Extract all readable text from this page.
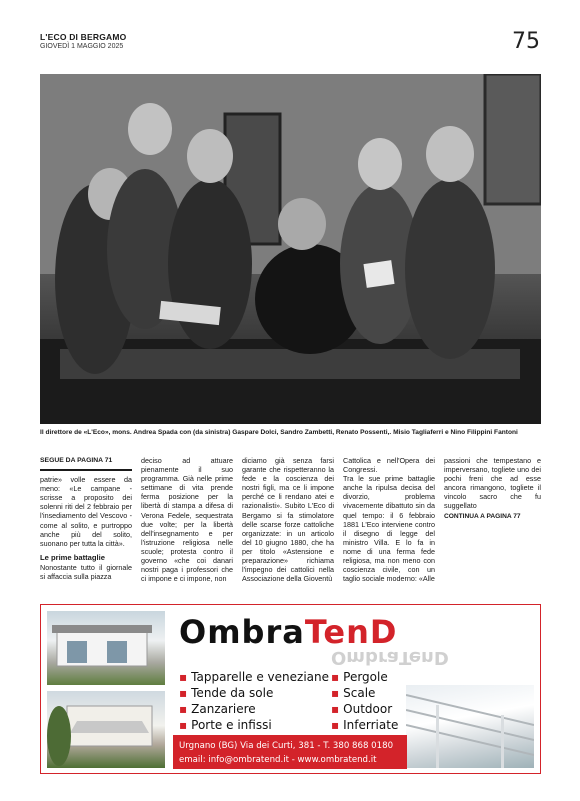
L'ECO DI BERGAMO
GIOVEDÌ 1 MAGGIO 2025	75
Il direttore de «L'Eco», mons. Andrea Spada con (da sinistra) Gaspare Dolci, Sandro Zambetti, Renato Possenti,. Misio Tagliaferri e Nino Filippini Fantoni
SEGUE DA PAGINA 71

patrie» volle essere da meno: «Le campane - scrisse a proposito dei solenni riti del 2 febbraio per l'insediamento del Vescovo - come al solito, e purtroppo anche più del solito, suonano per tutta la città».

Le prime battaglie

Nonostante tutto il giornale si affaccia sulla piazza

deciso ad attuare pienamente il suo programma. Già nelle prime settimane di vita prende ferma posizione per la libertà di stampa a difesa di Verona Fedele, sequestrata due volte; per la libertà dell'insegnamento e per l'istruzione religiosa nelle scuole; protesta contro il governo «che coi danari nostri paga i professori che ci impone e ci impone, non

diciamo già senza farsi garante che rispetteranno la fede e la coscienza dei nostri figli, ma ce li impone perché ce li rendano atei e razionalisti». Subito L'Eco di Bergamo si fa stimolatore delle scarse forze cattoliche organizzate: in un articolo del 10 giugno 1880, che ha per titolo «Astensione e preparazione» richiama l'impegno dei cattolici nella Associazione della Gioventù

Cattolica e nell'Opera dei Congressi.

Tra le sue prime battaglie anche la ripulsa decisa del divorzio, problema vivacemente dibattuto sin da quel tempo: il 6 febbraio 1881 L'Eco interviene contro il disegno di legge del ministro Villa. E lo fa in nome di una ferma fede religiosa, ma non meno con coscienza civile, con un taglio sociale moderno: «Alle

passioni che tempestano e imperversano, togliete uno dei pochi freni che ad esse ancora rimangono, togliete il vincolo sacro che fu suggellato

CONTINUA A PAGINA 77
OmbraTenD
OmbraTenD
▪ Tapparelle e veneziane
▪ Tende da sole
▪ Zanzariere
▪ Porte e infissi
▪ Pergole
▪ Scale
▪ Outdoor
▪ Inferriate
Urgnano (BG) Via dei Curti, 381 - T. 380 868 0180
email: info@ombratend.it - www.ombratend.it
